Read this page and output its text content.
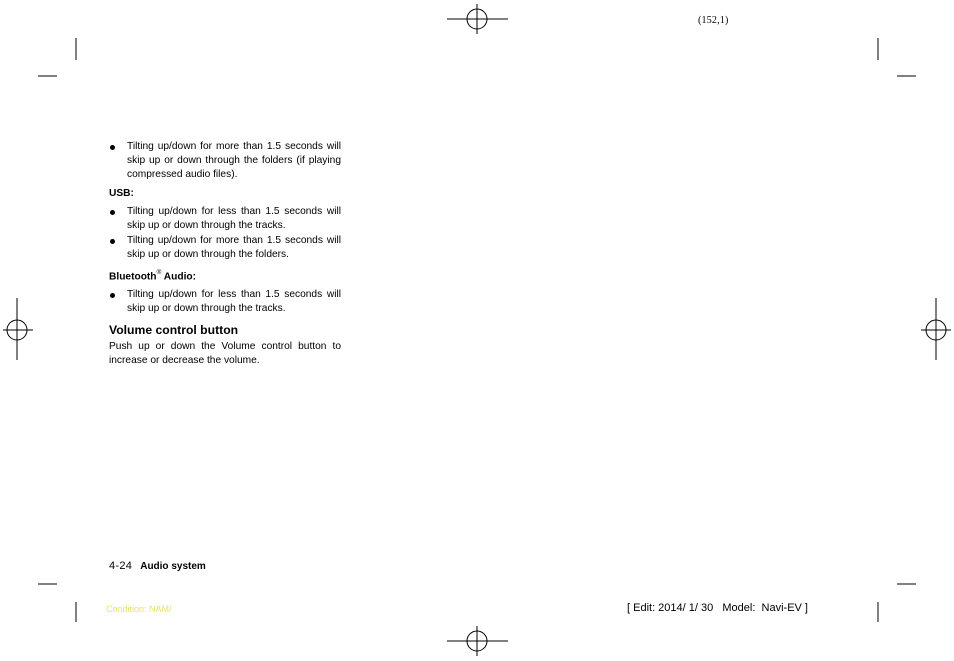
(152,1)
Tilting up/down for more than 1.5 seconds will skip up or down through the folders (if playing compressed audio files).
USB:
Tilting up/down for less than 1.5 seconds will skip up or down through the tracks.
Tilting up/down for more than 1.5 seconds will skip up or down through the folders.
Bluetooth® Audio:
Tilting up/down for less than 1.5 seconds will skip up or down through the tracks.
Volume control button

Push up or down the Volume control button to increase or decrease the volume.

4-24 Audio system
Condition: NAM/	[ Edit: 2014/ 1/ 30   Model:  Navi-EV ]
